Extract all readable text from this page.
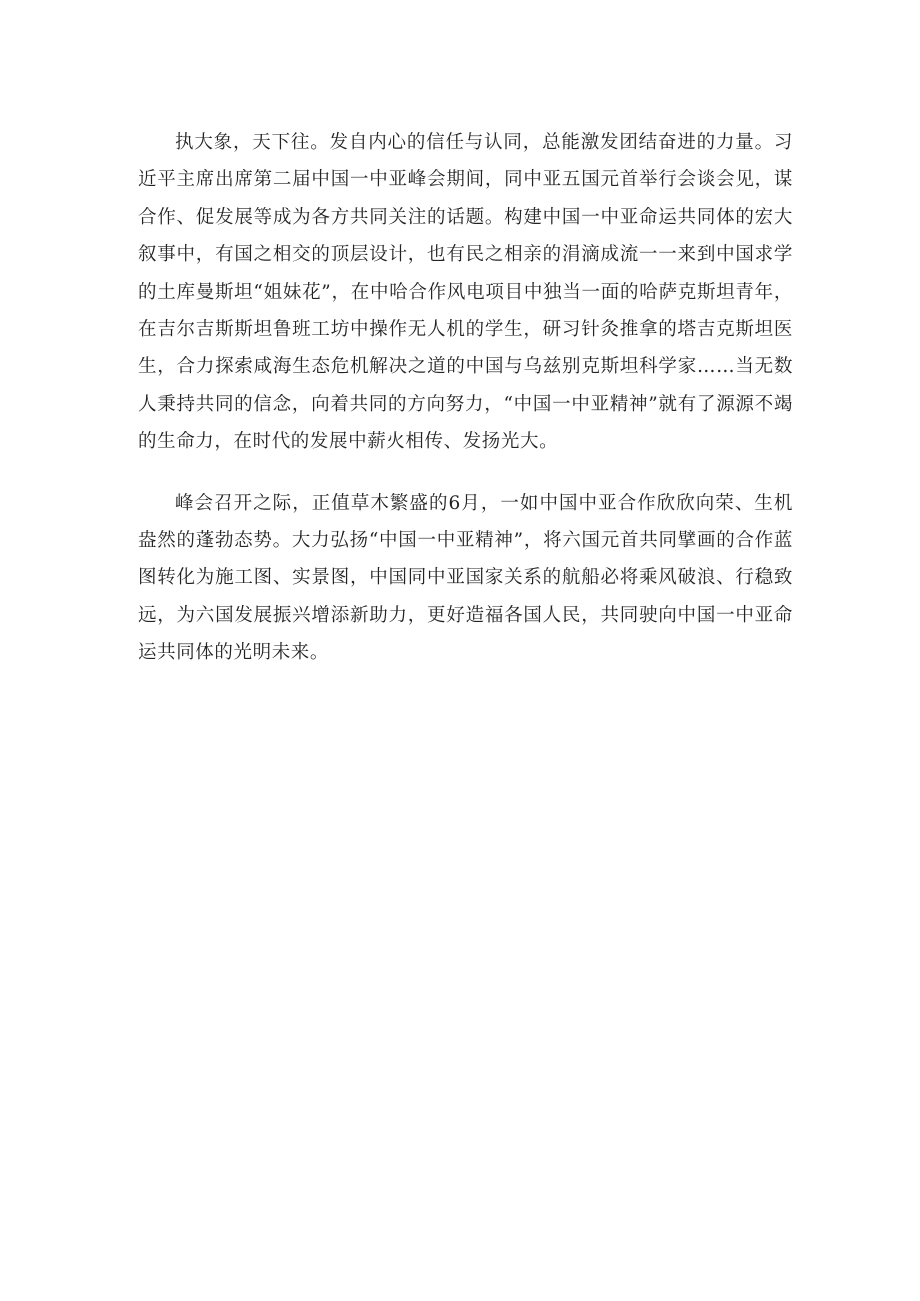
执大象，天下往。发自内心的信任与认同，总能激发团结奋进的力量。习近平主席出席第二届中国一中亚峰会期间，同中亚五国元首举行会谈会见，谋合作、促发展等成为各方共同关注的话题。构建中国一中亚命运共同体的宏大叙事中，有国之相交的顶层设计，也有民之相亲的涓滴成流一一来到中国求学的土库曼斯坦“姐妹花”，在中哈合作风电项目中独当一面的哈萨克斯坦青年，在吉尔吉斯斯坦鲁班工坊中操作无人机的学生，研习针灸推拿的塔吉克斯坦医生，合力探索咸海生态危机解决之道的中国与乌兹别克斯坦科学家……当无数人秉持共同的信念，向着共同的方向努力，“中国一中亚精神”就有了源源不竭的生命力，在时代的发展中薪火相传、发扬光大。

峰会召开之际，正值草木繁盛的6月，一如中国中亚合作欣欣向荣、生机盎然的蓬勃态势。大力弘扬“中国一中亚精神”，将六国元首共同擘画的合作蓝图转化为施工图、实景图，中国同中亚国家关系的航船必将乘风破浪、行稳致远，为六国发展振兴增添新助力，更好造福各国人民，共同驶向中国一中亚命运共同体的光明未来。
